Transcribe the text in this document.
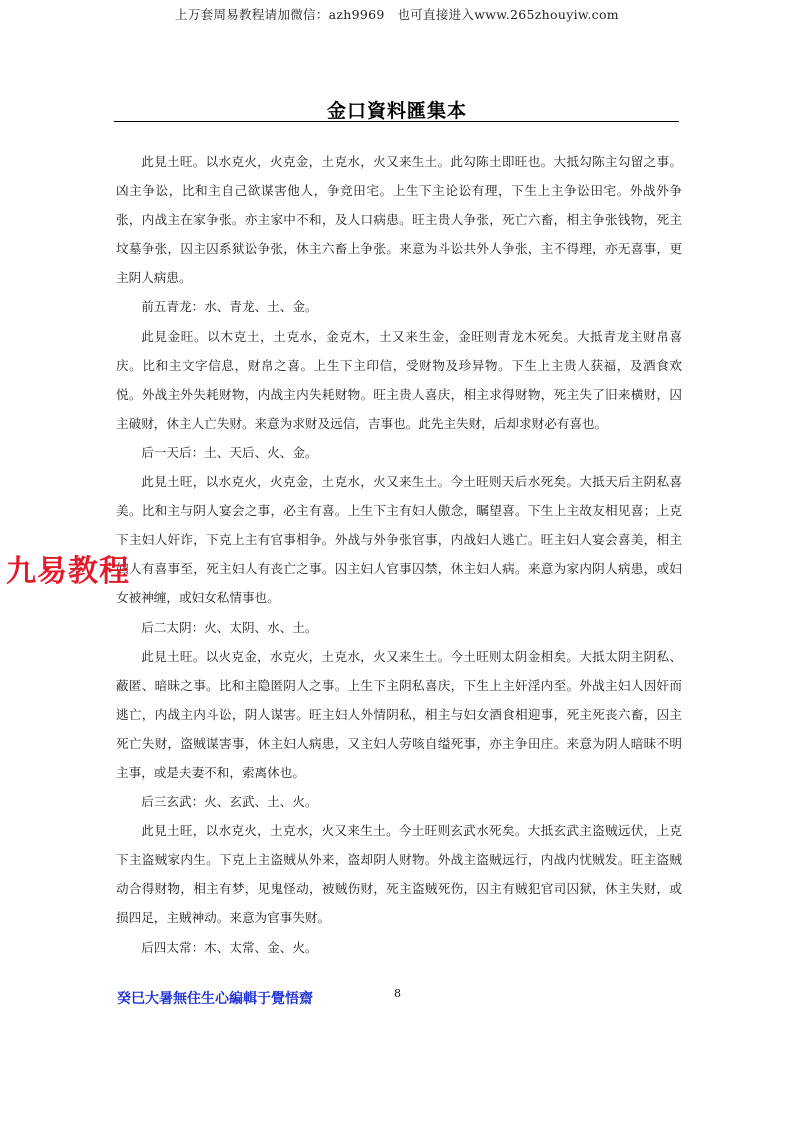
上万套周易教程请加微信：azh9969　也可直接进入www.265zhouyiw.com
金口資料匯集本

此見土旺。以水克火，火克金，土克水，火又来生土。此勾陈土即旺也。大抵勾陈主勾留之事。凶主争讼，比和主自己欲谋害他人，争竞田宅。上生下主论讼有理，下生上主争讼田宅。外战外争张，内战主在家争张。亦主家中不和，及人口病患。旺主贵人争张，死亡六畜，相主争张钱物，死主坟墓争张，囚主囚系狱讼争张，休主六畜上争张。来意为斗讼共外人争张，主不得理，亦无喜事，更主阴人病患。

前五青龙：水、青龙、土、金。

此見金旺。以木克土，土克水，金克木，土又来生金，金旺则青龙木死矣。大抵青龙主财帛喜庆。比和主文字信息，财帛之喜。上生下主印信，受财物及珍异物。下生上主贵人获福，及酒食欢悦。外战主外失耗财物，内战主内失耗财物。旺主贵人喜庆，相主求得财物，死主失了旧来横财，囚主破财，休主人亡失财。来意为求财及远信，吉事也。此先主失财，后却求财必有喜也。

后一天后：土、天后、火、金。

此見土旺，以水克火，火克金，土克水，火又来生土。今土旺则天后水死矣。大抵天后主阴私喜美。比和主与阴人宴会之事，必主有喜。上生下主有妇人傲念，瞩望喜。下生上主故友相见喜；上克下主妇人奸诈，下克上主有官事相争。外战与外争张官事，内战妇人逃亡。旺主妇人宴会喜美，相主妇人有喜事至，死主妇人有丧亡之事。囚主妇人官事囚禁，休主妇人病。来意为家内阴人病患，或妇女被神缠，或妇女私情事也。

后二太阴：火、太阴、水、土。

此見土旺。以火克金，水克火，土克水，火又来生土。今土旺则太阴金相矣。大抵太阴主阴私、蔽匿、暗昧之事。比和主隐匿阴人之事。上生下主阴私喜庆，下生上主奸淫内至。外战主妇人因奸而逃亡，内战主内斗讼，阴人谋害。旺主妇人外情阴私，相主与妇女酒食相迎事，死主死丧六畜，囚主死亡失财，盗贼谋害事，休主妇人病患，又主妇人劳咳自缢死事，亦主争田庄。来意为阴人暗昧不明主事，或是夫妻不和，索离休也。

后三玄武：火、玄武、土、火。

此見土旺，以水克火，土克水，火又来生土。今土旺则玄武水死矣。大抵玄武主盗贼远伏，上克下主盗贼家内生。下克上主盗贼从外来，盗却阴人财物。外战主盗贼远行，内战内忧贼发。旺主盗贼动合得财物，相主有梦，见鬼怪动，被贼伤财，死主盗贼死伤，囚主有贼犯官司囚狱，休主失财，或损四足，主贼神动。来意为官事失财。

后四太常：木、太常、金、火。

九易教程
癸巳大暑無住生心編輯于覺悟齋	8
